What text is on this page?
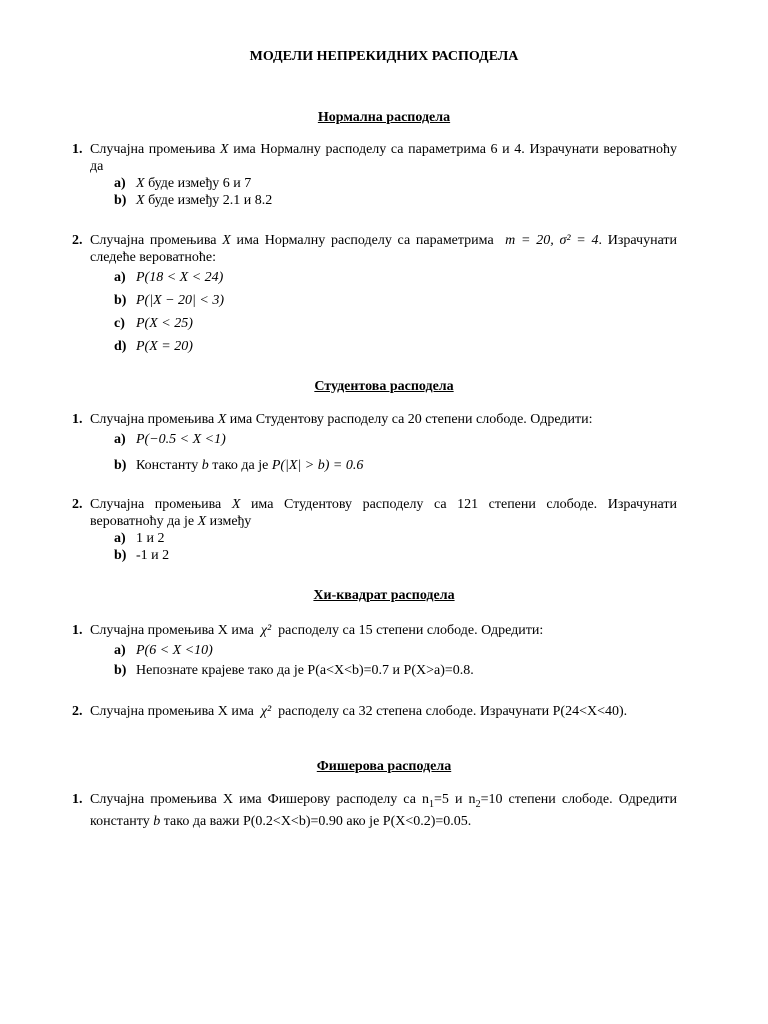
МОДЕЛИ НЕПРЕКИДНИХ РАСПОДЕЛА
Нормална расподела
1. Случајна промењива X има Нормалну расподелу са параметрима 6 и 4. Израчунати вероватноћу да
a) X буде између 6 и 7
b) X буде између 2.1 и 8.2
2. Случајна промењива X има Нормалну расподелу са параметрима m = 20, σ² = 4. Израчунати следеће вероватноће:
a) P(18 < X < 24)
b) P(|X − 20| < 3)
c) P(X < 25)
d) P(X = 20)
Студентова расподела
1. Случајна промењива X има Студентову расподелу са 20 степени слободе. Одредити:
a) P(−0.5 < X <1)
b) Константу b тако да је P(|X| > b) = 0.6
2. Случајна промењива X има Студентову расподелу са 121 степени слободе. Израчунати вероватноћу да је X између
a) 1 и 2
b) -1 и 2
Хи-квадрат расподела
1. Случајна промењива X има χ² расподелу са 15 степени слободе. Одредити:
a) P(6 < X <10)
b) Непознате крајеве тако да је P(a<X<b)=0.7 и P(X>a)=0.8.
2. Случајна промењива X има χ² расподелу са 32 степена слободе. Израчунати P(24<X<40).
Фишерова расподела
1. Случајна промењива X има Фишерову расподелу са $n_1=5$ и $n_2=10$ степени слободе. Одредити константу b тако да важи P(0.2<X<b)=0.90 ако је P(X<0.2)=0.05.
